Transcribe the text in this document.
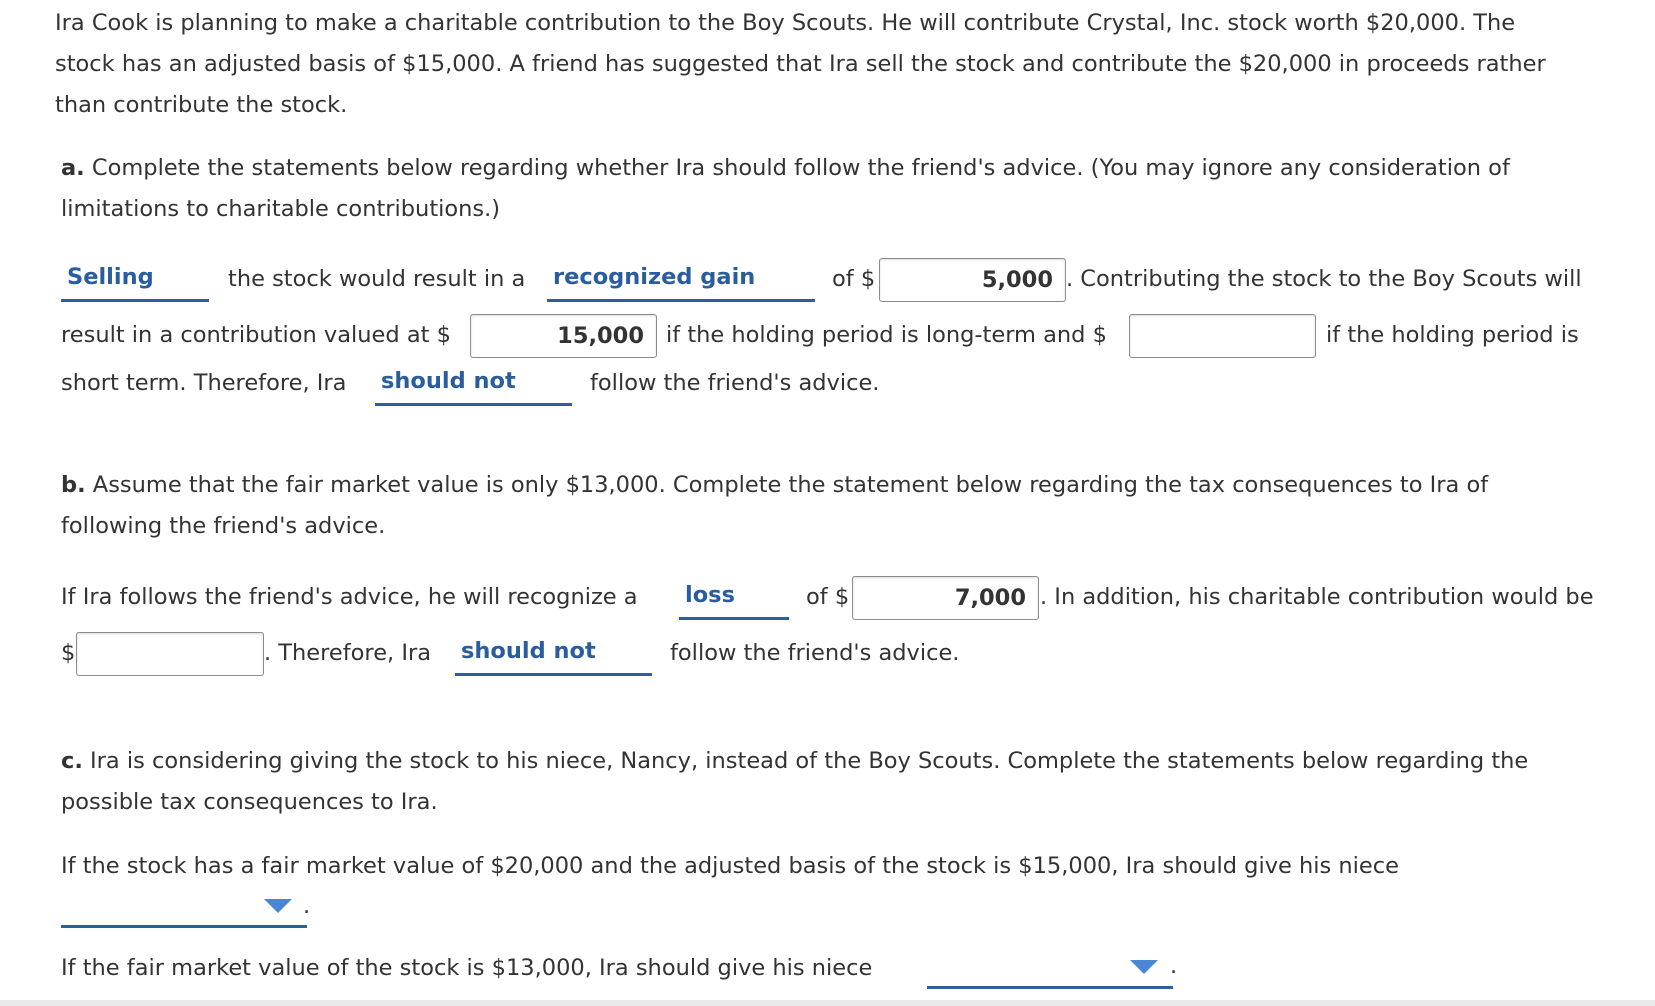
Ira Cook is planning to make a charitable contribution to the Boy Scouts. He will contribute Crystal, Inc. stock worth $20,000. The
stock has an adjusted basis of $15,000. A friend has suggested that Ira sell the stock and contribute the $20,000 in proceeds rather
than contribute the stock.
a. Complete the statements below regarding whether Ira should follow the friend's advice. (You may ignore any consideration of
limitations to charitable contributions.)
Selling	the stock would result in a recognized gain	of $	5,000 . Contributing the stock to the Boy Scouts will
result in a contribution valued at $	15,000 if the holding period is long-term and $	if the holding period is
short term. Therefore, Ira should not	follow the friend's advice.
b. Assume that the fair market value is only $13,000. Complete the statement below regarding the tax consequences to Ira of
following the friend's advice.
If Ira follows the friend's advice, he will recognize a loss	of $	7,000 . In addition, his charitable contribution would be
$	. Therefore, Ira should not	follow the friend's advice.
c. Ira is considering giving the stock to his niece, Nancy, instead of the Boy Scouts. Complete the statements below regarding the
possible tax consequences to Ira.
If the stock has a fair market value of $20,000 and the adjusted basis of the stock is $15,000, Ira should give his niece
.
If the fair market value of the stock is $13,000, Ira should give his niece	.
